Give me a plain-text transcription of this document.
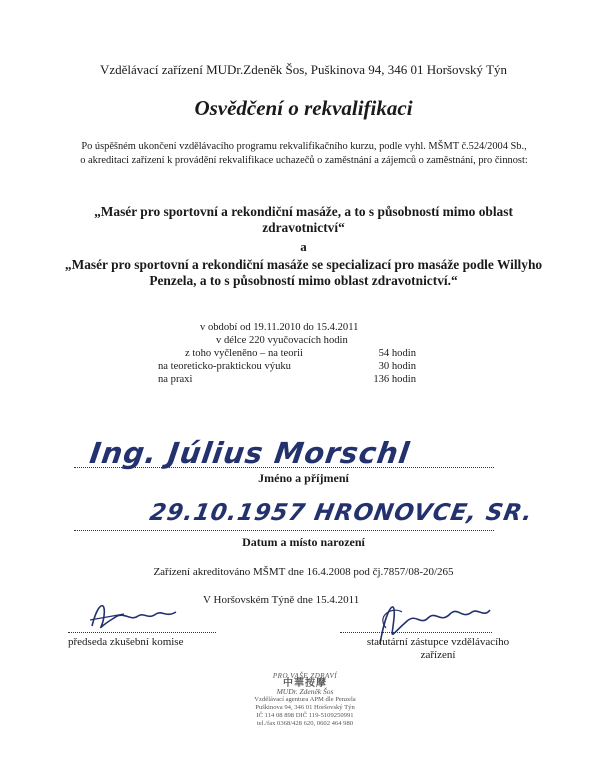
Vzdělávací zařízení MUDr.Zdeněk Šos, Puškinova 94, 346 01 Horšovský Týn
Osvědčení o rekvalifikaci
Po úspěšném ukončení vzdělávacího programu rekvalifikačního kurzu, podle vyhl. MŠMT č.524/2004 Sb., o akreditaci zařízení k provádění rekvalifikace uchazečů o zaměstnání a zájemců o zaměstnání, pro činnost:
„Masér pro sportovní a rekondiční masáže, a to s působností mimo oblast zdravotnictví“
a
„Masér pro sportovní a rekondiční masáže se specializací pro masáže podle Willyho Penzela, a to s působností mimo oblast zdravotnictví.“
v období od 19.11.2010 do 15.4.2011
v délce 220 vyučovacích hodin
z toho vyčleněno – na teorii	54 hodin
na teoreticko-praktickou výuku	30 hodin
na praxi	136 hodin
Ing. Július Morschl
Jméno a příjmení
29.10.1957 HRONOVCE, SR.
Datum a místo narození
Zařízení akreditováno MŠMT dne 16.4.2008 pod čj.7857/08-20/265
V Horšovském Týně dne 15.4.2011
předseda zkušební komise	statutární zástupce vzdělávacího
zařízení
PRO VAŠE ZDRAVÍ
中華按摩
MUDr. Zdeněk Šos
Vzdělávací agentura APM dle Penzela
Puškinova 94, 346 01 Horšovský Týn
IČ 114 08 898 DIČ 119-5109250991
tel./fax 0368/428 620, 0602 464 980
